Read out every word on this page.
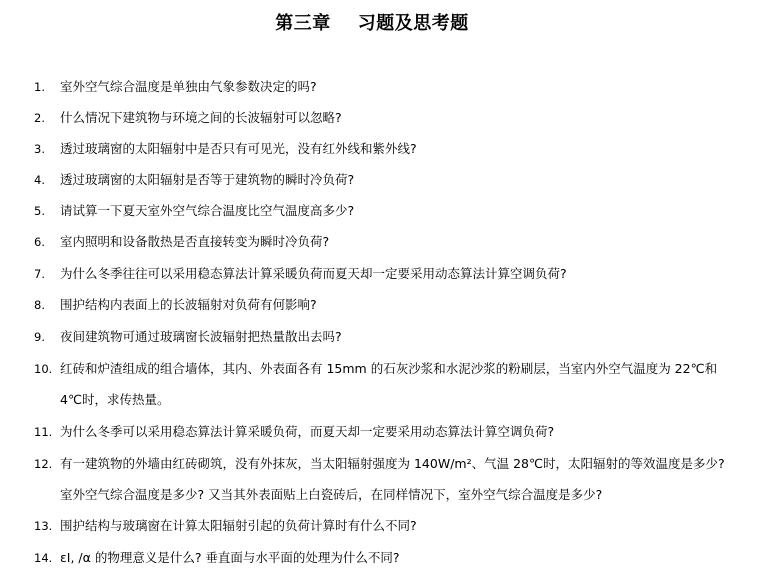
第三章    习题及思考题
1. 室外空气综合温度是单独由气象参数决定的吗?
2. 什么情况下建筑物与环境之间的长波辐射可以忽略?
3. 透过玻璃窗的太阳辐射中是否只有可见光，没有红外线和紫外线?
4. 透过玻璃窗的太阳辐射是否等于建筑物的瞬时冷负荷?
5. 请试算一下夏天室外空气综合温度比空气温度高多少?
6. 室内照明和设备散热是否直接转变为瞬时冷负荷?
7. 为什么冬季往往可以采用稳态算法计算采暖负荷而夏天却一定要采用动态算法计算空调负荷?
8. 围护结构内表面上的长波辐射对负荷有何影响?
9. 夜间建筑物可通过玻璃窗长波辐射把热量散出去吗?
10. 红砖和炉渣组成的组合墙体，其内、外表面各有 15mm 的石灰沙浆和水泥沙浆的粉刷层，当室内外空气温度为 22℃和
4℃时，求传热量。
11. 为什么冬季可以采用稳态算法计算采暖负荷，而夏天却一定要采用动态算法计算空调负荷?
12. 有一建筑物的外墙由红砖砌筑，没有外抹灰，当太阳辐射强度为 140W/m²、气温 28℃时，太阳辐射的等效温度是多少?
室外空气综合温度是多少? 又当其外表面贴上白瓷砖后，在同样情况下，室外空气综合温度是多少?
13. 围护结构与玻璃窗在计算太阳辐射引起的负荷计算时有什么不同?
14. εI, /α 的物理意义是什么? 垂直面与水平面的处理为什么不同?
